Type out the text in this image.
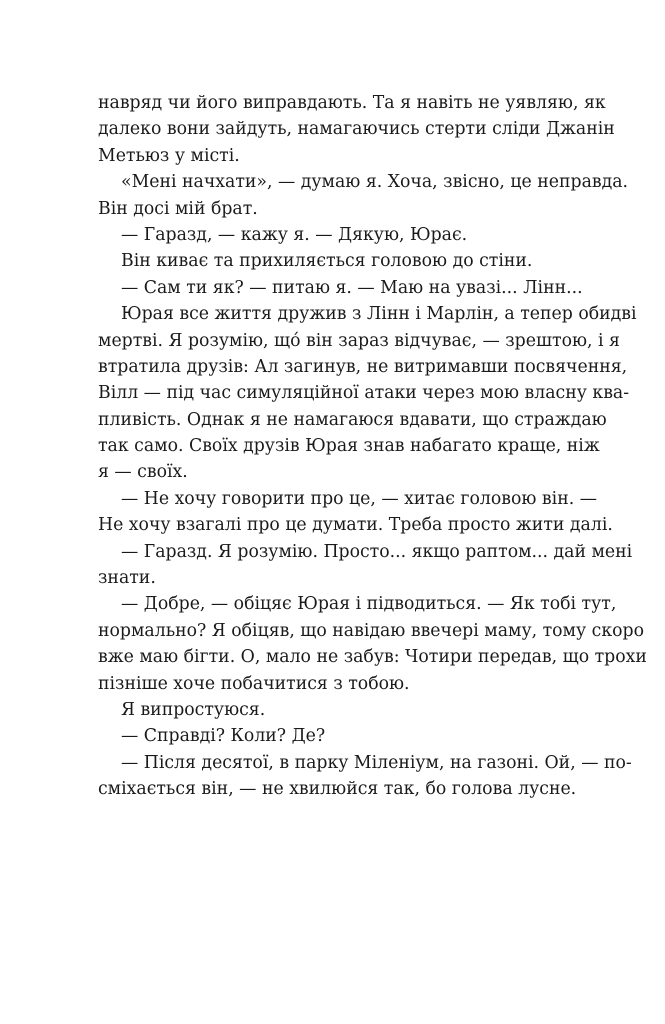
навряд чи його виправдають. Та я навіть не уявляю, як
далеко вони зайдуть, намагаючись стерти сліди Джанін
Метьюз у місті.
«Мені начхати», — думаю я. Хоча, звісно, це неправда.
Він досі мій брат.
— Гаразд, — кажу я. — Дякую, Юрає.
Він киває та прихиляється головою до стіни.
— Сам ти як? — питаю я. — Маю на увазі... Лінн...
Юрая все життя дружив з Лінн і Марлін, а тепер обидві
мертві. Я розумію, щó він зараз відчуває, — зрештою, і я
втратила друзів: Ал загинув, не витримавши посвячення,
Вілл — під час симуляційної атаки через мою власну ква-
пливість. Однак я не намагаюся вдавати, що страждаю
так само. Своїх друзів Юрая знав набагато краще, ніж
я — своїх.
— Не хочу говорити про це, — хитає головою він. —
Не хочу взагалі про це думати. Треба просто жити далі.
— Гаразд. Я розумію. Просто... якщо раптом... дай мені
знати.
— Добре, — обіцяє Юрая і підводиться. — Як тобі тут,
нормально? Я обіцяв, що навідаю ввечері маму, тому скоро
вже маю бігти. О, мало не забув: Чотири передав, що трохи
пізніше хоче побачитися з тобою.
Я випростуюся.
— Справді? Коли? Де?
— Після десятої, в парку Міленіум, на газоні. Ой, — по-
сміхається він, — не хвилюйся так, бо голова лусне.
